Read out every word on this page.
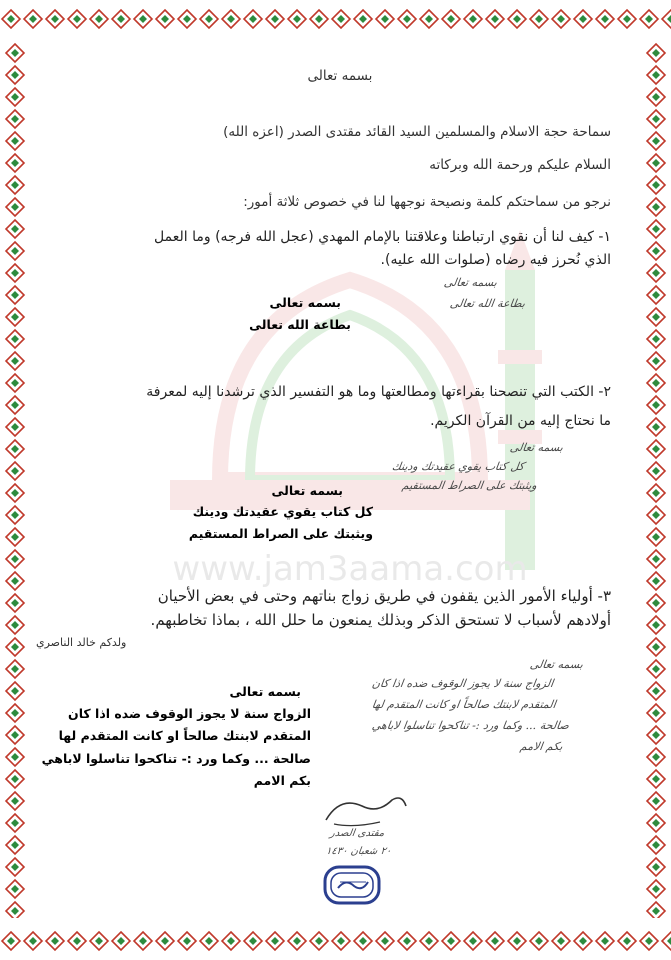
www.jam3aama.com
بسمه تعالى
سماحة حجة الاسلام والمسلمين السيد القائد مقتدى الصدر (اعزه الله)
السلام عليكم ورحمة الله وبركاته
نرجو من سماحتكم كلمة ونصيحة نوجهها لنا في خصوص ثلاثة أمور:
١- كيف لنا أن نقوي ارتباطنا وعلاقتنا بالإمام المهدي (عجل الله فرجه) وما العمل
الذي نُحرز فيه رضاه (صلوات الله عليه).
بسمه تعالى
بطاعة الله تعالى
بسمه تعالى
بطاعة الله تعالى
٢- الكتب التي تنصحنا بقراءتها ومطالعتها وما هو التفسير الذي ترشدنا إليه لمعرفة
ما نحتاج إليه من القرآن الكريم.
بسمه تعالى
كل كتاب يقوي عقيدتك ودينك
ويثبتك على الصراط المستقيم
بسمه تعالى
كل كتاب يقوي عقيدتك ودينك
ويثبتك على الصراط المستقيم
٣- أولياء الأمور الذين يقفون في طريق زواج بناتهم وحتى في بعض الأحيان
أولادهم لأسباب لا تستحق الذكر وبذلك يمنعون ما حلل الله ، بماذا تخاطبهم.
ولدكم خالد الناصري
بسمه تعالى
الزواج سنة لا يجوز الوقوف ضده اذا كان
المتقدم لابنتك صالحاً او كانت المتقدم لها
صالحة ... وكما ورد :- تناكحوا تناسلوا لاباهي
بكم الامم
بسمه تعالى
الزواج سنة لا يجوز الوقوف ضده اذا كان
المتقدم لابنتك صالحاً او كانت المتقدم لها
صالحة ... وكما ورد :- تناكحوا تناسلوا لاباهي
بكم الامم
مقتدى الصدر
٢٠ شعبان ١٤٣٠
